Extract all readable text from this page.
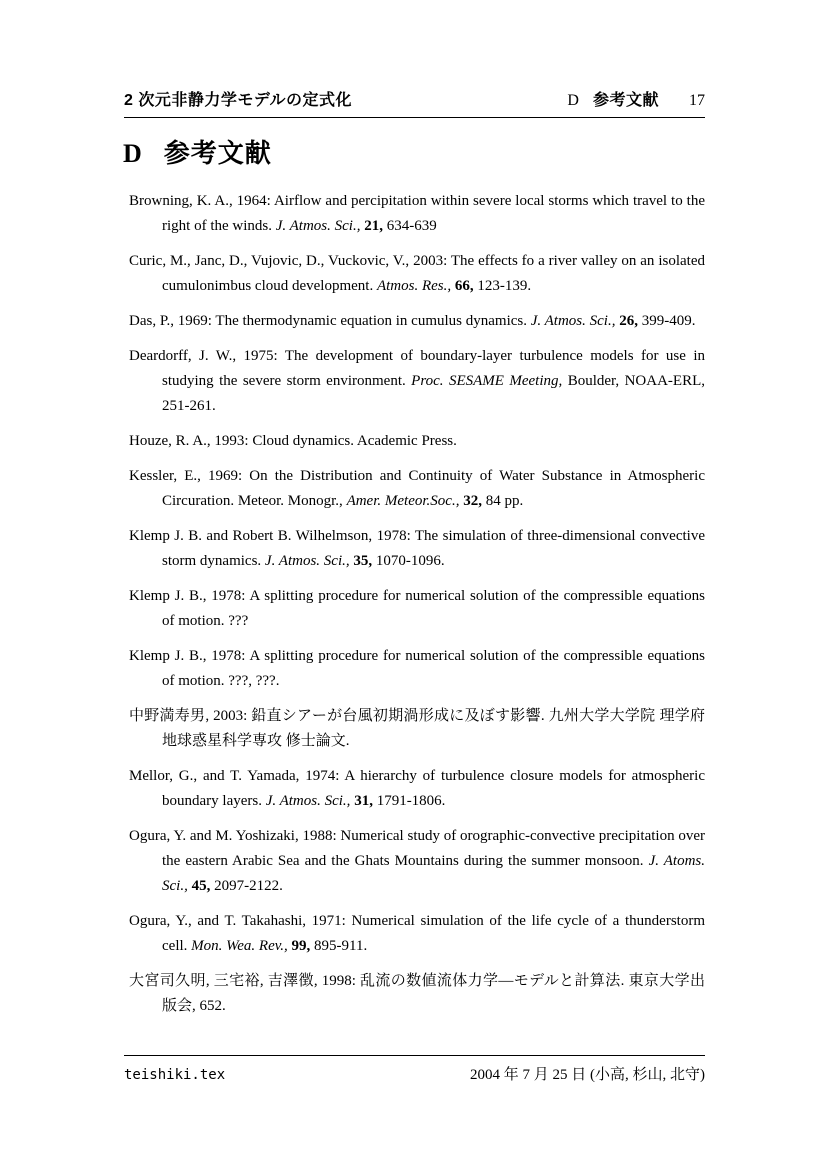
2 次元非静力学モデルの定式化	D 参考文献 17
D 参考文献

Browning, K. A., 1964: Airflow and percipitation within severe local storms which travel to the right of the winds. J. Atmos. Sci., 21, 634-639

Curic, M., Janc, D., Vujovic, D., Vuckovic, V., 2003: The effects fo a river valley on an isolated cumulonimbus cloud development. Atmos. Res., 66, 123-139.

Das, P., 1969: The thermodynamic equation in cumulus dynamics. J. Atmos. Sci., 26, 399-409.

Deardorff, J. W., 1975: The development of boundary-layer turbulence models for use in studying the severe storm environment. Proc. SESAME Meeting, Boulder, NOAA-ERL, 251-261.

Houze, R. A., 1993: Cloud dynamics. Academic Press.

Kessler, E., 1969: On the Distribution and Continuity of Water Substance in Atmospheric Circuration. Meteor. Monogr., Amer. Meteor.Soc., 32, 84 pp.

Klemp J. B. and Robert B. Wilhelmson, 1978: The simulation of three-dimensional convective storm dynamics. J. Atmos. Sci., 35, 1070-1096.

Klemp J. B., 1978: A splitting procedure for numerical solution of the compressible equations of motion. ???

Klemp J. B., 1978: A splitting procedure for numerical solution of the compressible equations of motion. ???, ???.

中野満寿男, 2003: 鉛直シアーが台風初期渦形成に及ぼす影響. 九州大学大学院 理学府 地球惑星科学専攻 修士論文.

Mellor, G., and T. Yamada, 1974: A hierarchy of turbulence closure models for atmospheric boundary layers. J. Atmos. Sci., 31, 1791-1806.

Ogura, Y. and M. Yoshizaki, 1988: Numerical study of orographic-convective precipitation over the eastern Arabic Sea and the Ghats Mountains during the summer monsoon. J. Atoms. Sci., 45, 2097-2122.

Ogura, Y., and T. Takahashi, 1971: Numerical simulation of the life cycle of a thunderstorm cell. Mon. Wea. Rev., 99, 895-911.

大宮司久明, 三宅裕, 吉澤徴, 1998: 乱流の数値流体力学—モデルと計算法. 東京大学出版会, 652.

teishiki.tex	2004 年 7 月 25 日 (小高, 杉山, 北守)
